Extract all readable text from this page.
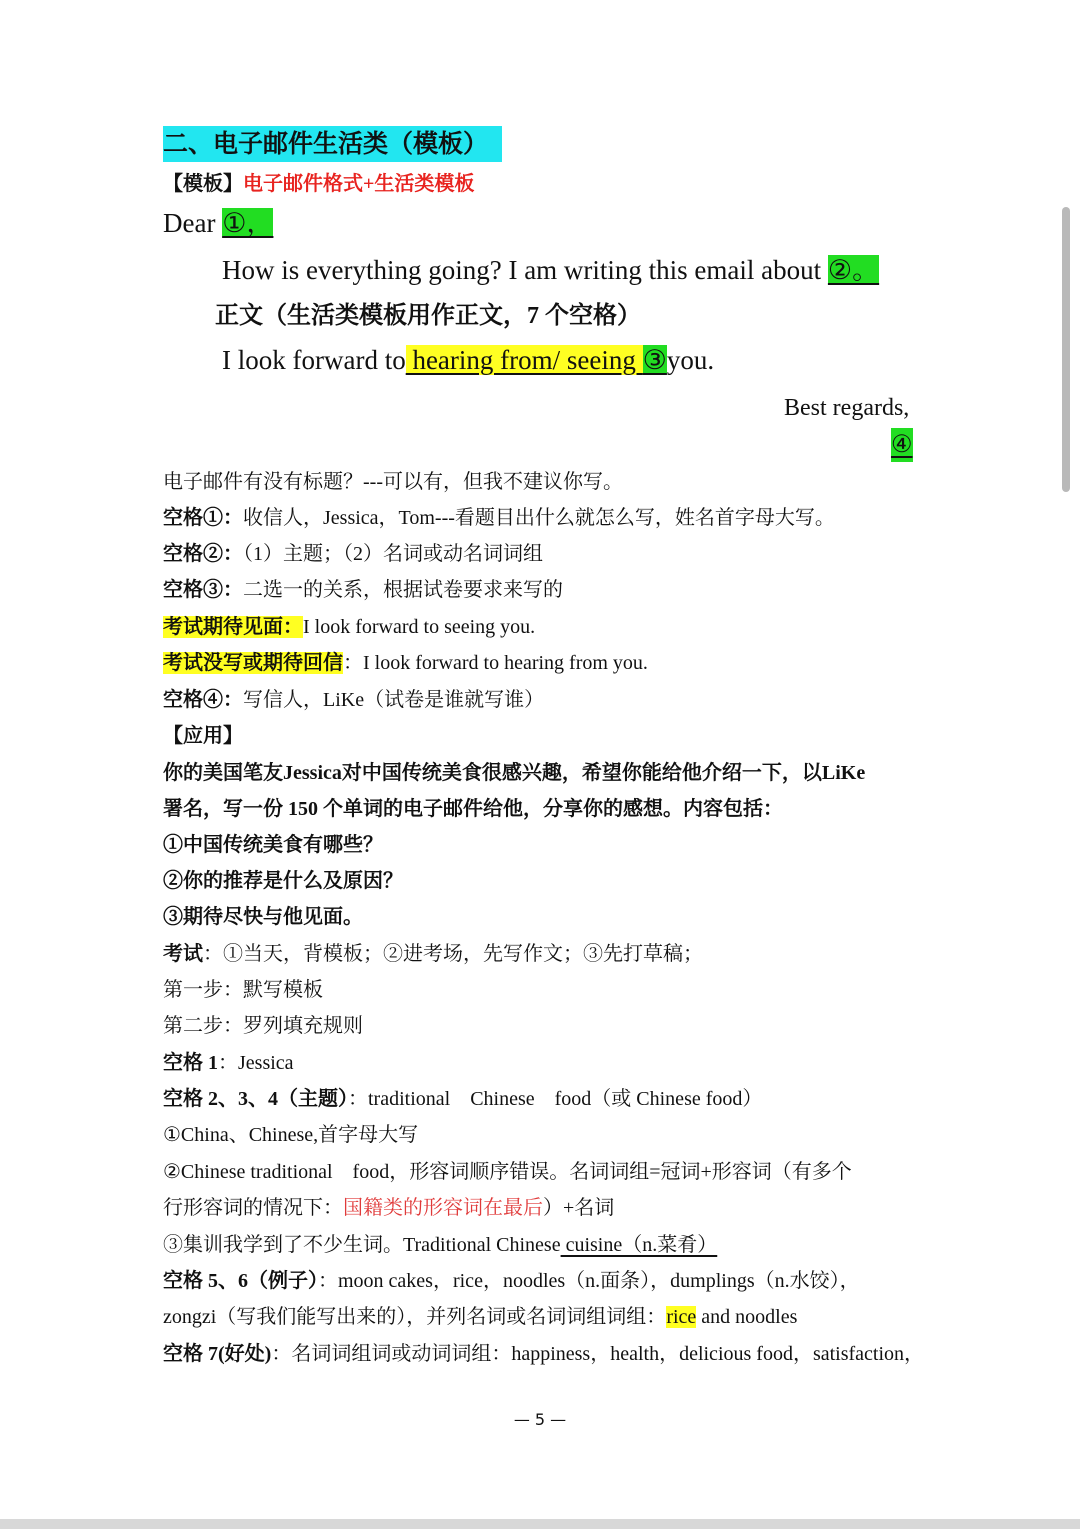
二、电子邮件生活类（模板）
【模板】电子邮件格式+生活类模板
Dear ①，
How is everything going? I am writing this email about ②。
正文（生活类模板用作正文，7 个空格）
I look forward to hearing from/ seeing ③you.
Best regards,
④
电子邮件有没有标题？---可以有，但我不建议你写。
空格①：收信人，Jessica，Tom---看题目出什么就怎么写，姓名首字母大写。
空格②：（1）主题；（2）名词或动名词词组
空格③：二选一的关系，根据试卷要求来写的
考试期待见面：I look forward to seeing you.
考试没写或期待回信：I look forward to hearing from you.
空格④：写信人，LiKe（试卷是谁就写谁）
【应用】
你的美国笔友Jessica对中国传统美食很感兴趣，希望你能给他介绍一下，以LiKe
署名，写一份 150 个单词的电子邮件给他，分享你的感想。内容包括：
①中国传统美食有哪些？
②你的推荐是什么及原因？
③期待尽快与他见面。
考试：①当天，背模板；②进考场，先写作文；③先打草稿；
第一步：默写模板
第二步：罗列填充规则
空格 1：Jessica
空格 2、3、4（主题）：traditional　Chinese　food（或 Chinese food）
①China、Chinese,首字母大写
②Chinese traditional　food，形容词顺序错误。名词词组=冠词+形容词（有多个
行形容词的情况下：国籍类的形容词在最后）+名词
③集训我学到了不少生词。Traditional Chinese cuisine（n.菜肴）
空格 5、6（例子）：moon cakes，rice，noodles（n.面条），dumplings（n.水饺），
zongzi（写我们能写出来的），并列名词或名词词组词组：rice and noodles
空格 7(好处)：名词词组词或动词词组：happiness，health，delicious food，satisfaction，
— 5 —
